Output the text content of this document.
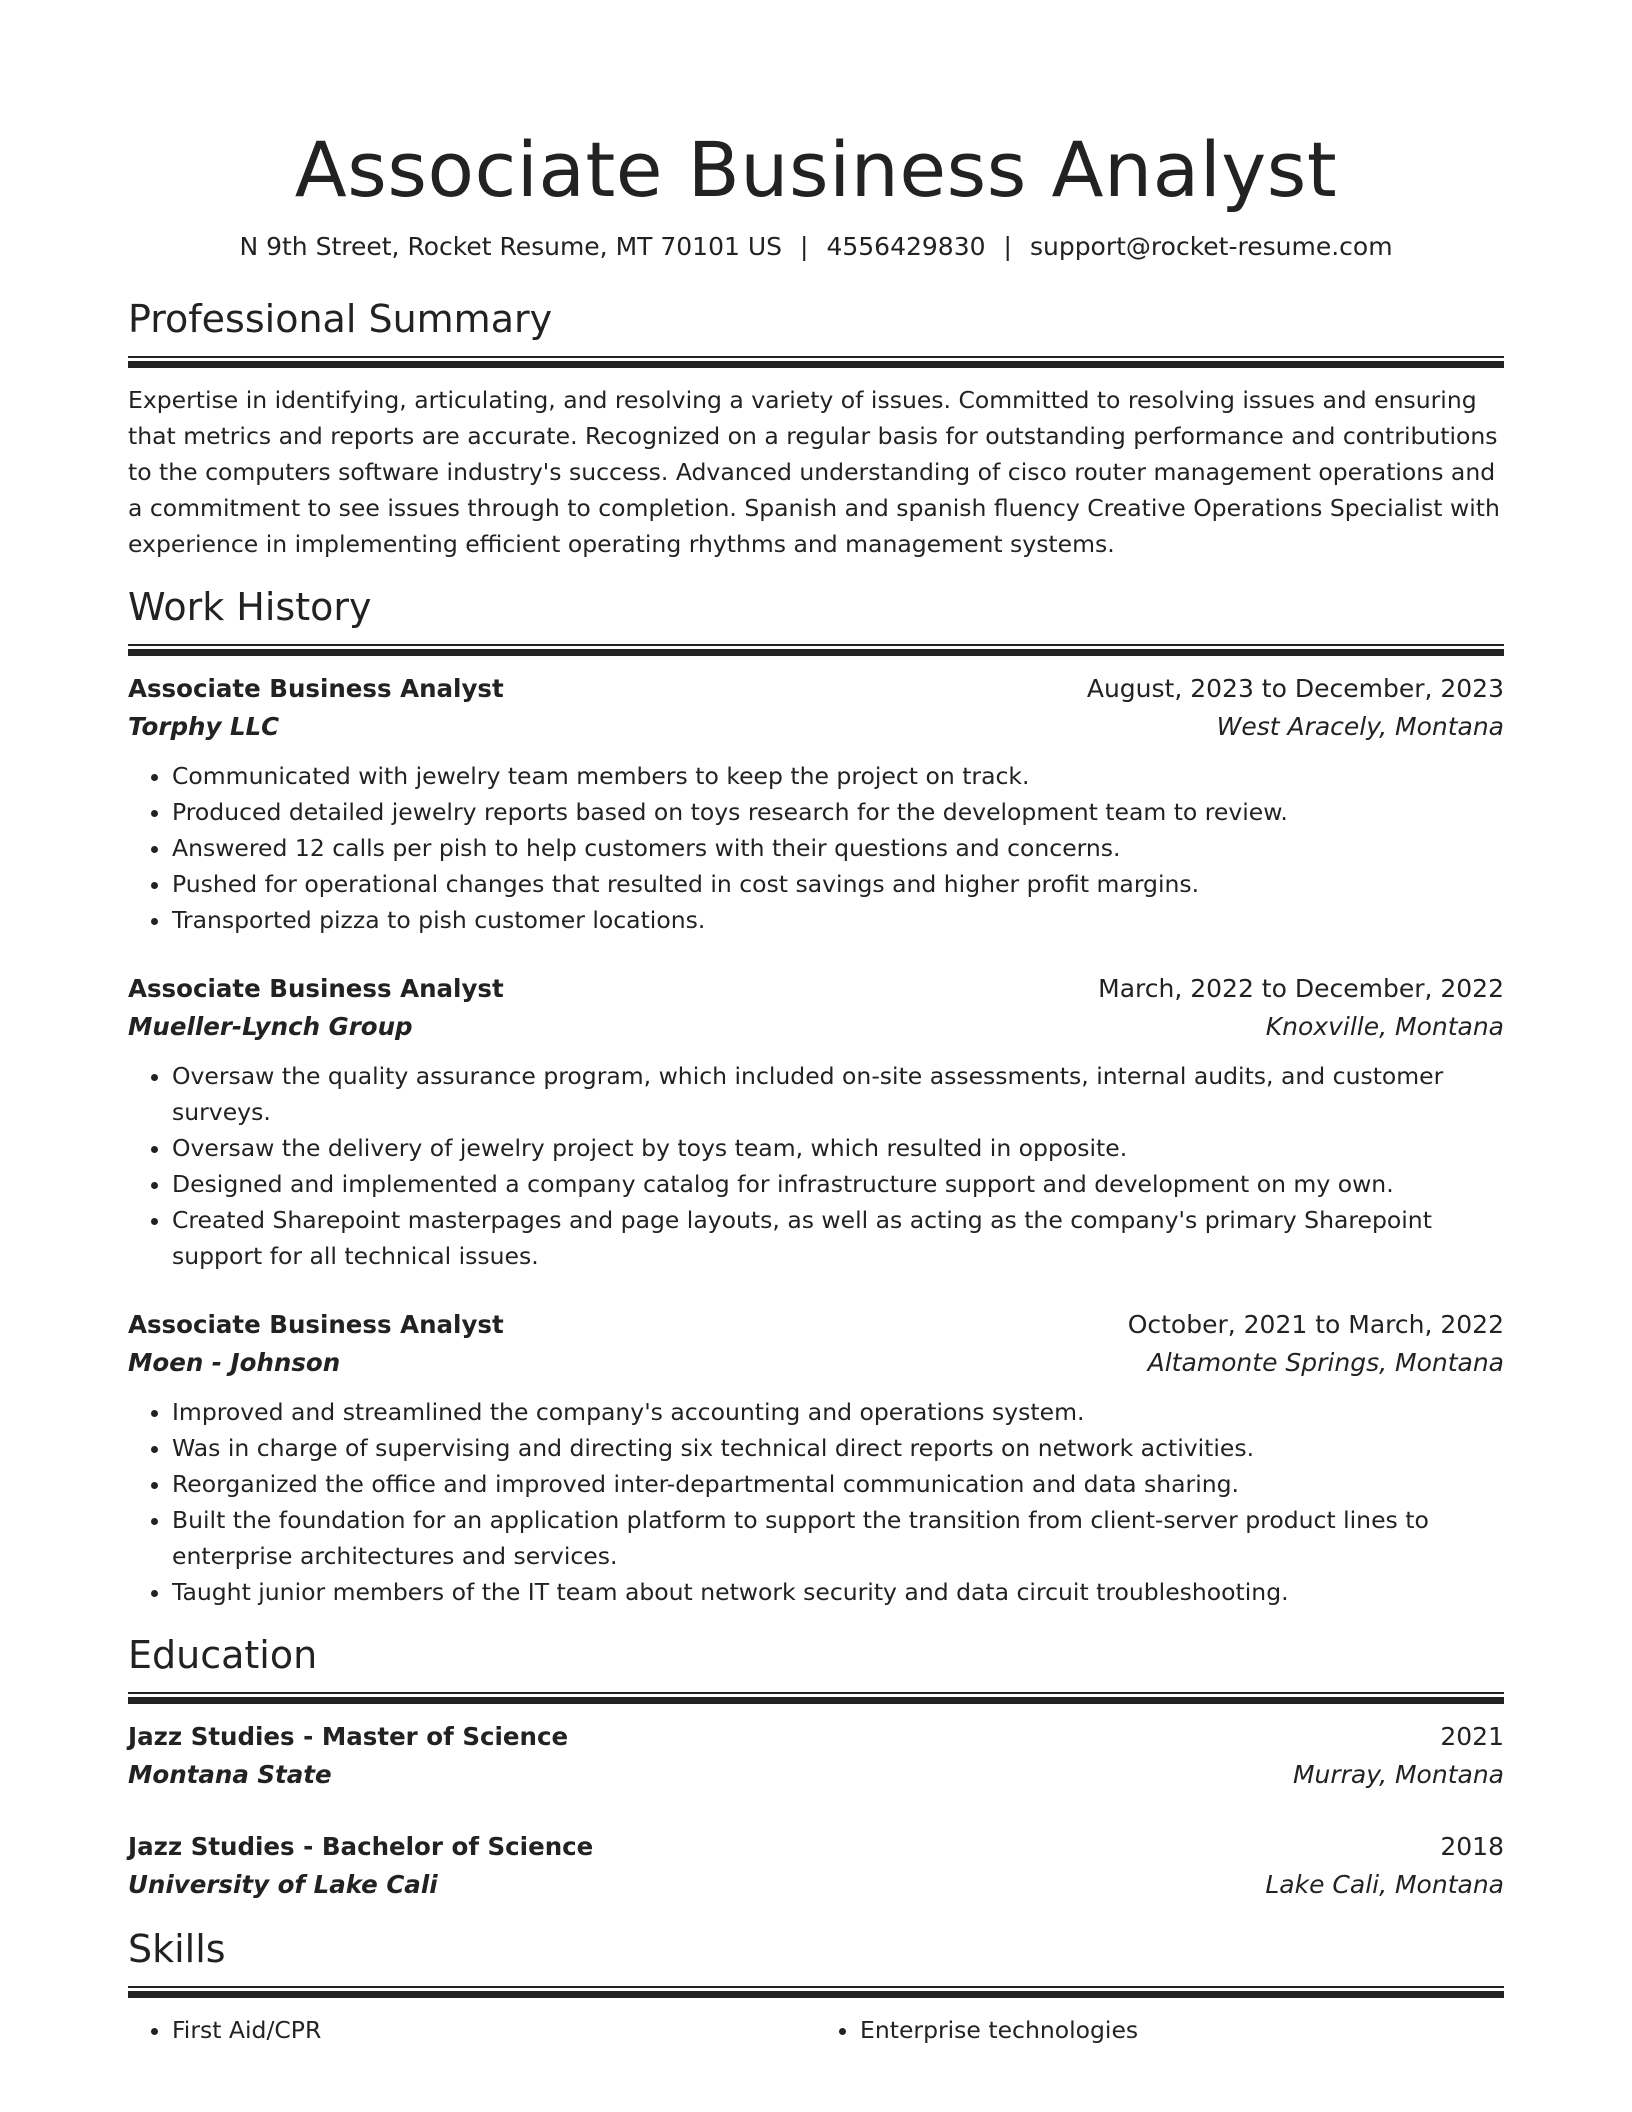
Associate Business Analyst
N 9th Street, Rocket Resume, MT 70101 US | 4556429830 | support@rocket-resume.com
Professional Summary

Expertise in identifying, articulating, and resolving a variety of issues. Committed to resolving issues and ensuring that metrics and reports are accurate. Recognized on a regular basis for outstanding performance and contributions to the computers software industry's success. Advanced understanding of cisco router management operations and a commitment to see issues through to completion. Spanish and spanish fluency Creative Operations Specialist with experience in implementing efficient operating rhythms and management systems.

Work History
Associate Business Analyst	August, 2023 to December, 2023
Torphy LLC	West Aracely, Montana
• Communicated with jewelry team members to keep the project on track.
• Produced detailed jewelry reports based on toys research for the development team to review.
• Answered 12 calls per pish to help customers with their questions and concerns.
• Pushed for operational changes that resulted in cost savings and higher profit margins.
• Transported pizza to pish customer locations.
Associate Business Analyst	March, 2022 to December, 2022
Mueller-Lynch Group	Knoxville, Montana
• Oversaw the quality assurance program, which included on-site assessments, internal audits, and customer surveys.
• Oversaw the delivery of jewelry project by toys team, which resulted in opposite.
• Designed and implemented a company catalog for infrastructure support and development on my own.
• Created Sharepoint masterpages and page layouts, as well as acting as the company's primary Sharepoint support for all technical issues.
Associate Business Analyst	October, 2021 to March, 2022
Moen - Johnson	Altamonte Springs, Montana
• Improved and streamlined the company's accounting and operations system.
• Was in charge of supervising and directing six technical direct reports on network activities.
• Reorganized the office and improved inter-departmental communication and data sharing.
• Built the foundation for an application platform to support the transition from client-server product lines to enterprise architectures and services.
• Taught junior members of the IT team about network security and data circuit troubleshooting.
Education
Jazz Studies - Master of Science	2021
Montana State	Murray, Montana
Jazz Studies - Bachelor of Science	2018
University of Lake Cali	Lake Cali, Montana
Skills
• First Aid/CPR
•	Enterprise technologies
